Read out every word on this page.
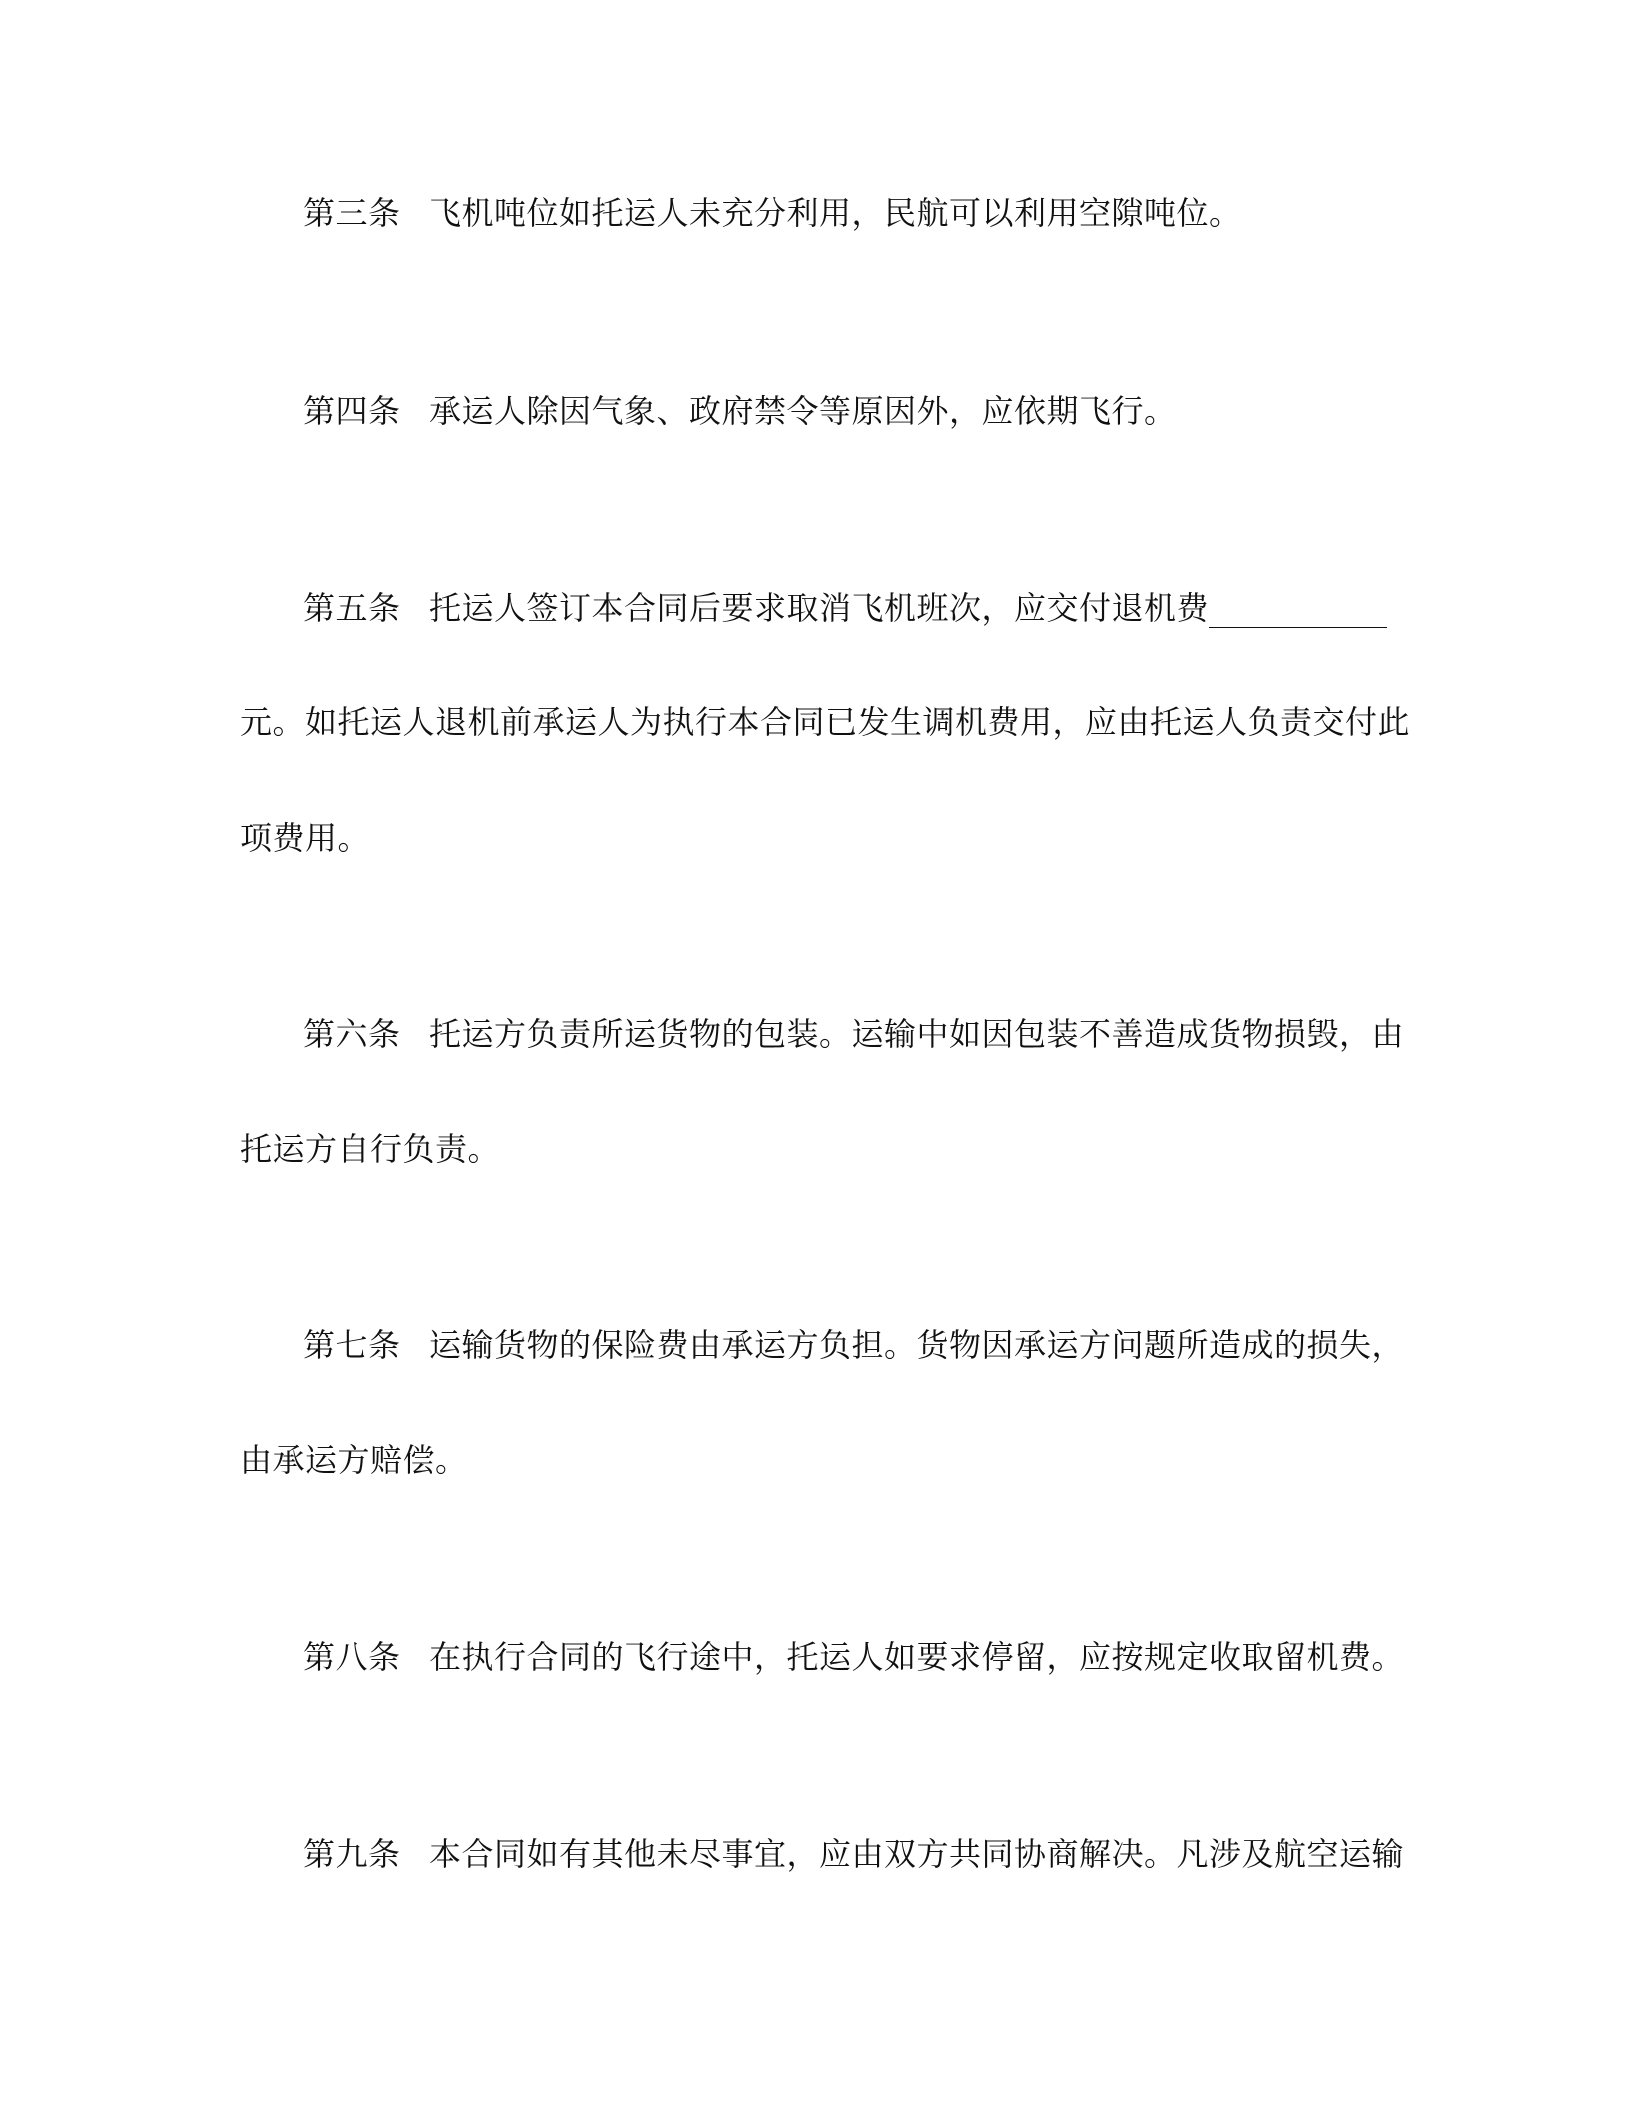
第三条 飞机吨位如托运人未充分利用，民航可以利用空隙吨位。
第四条 承运人除因气象、政府禁令等原因外，应依期飞行。
第五条 托运人签订本合同后要求取消飞机班次，应交付退机费
元。如托运人退机前承运人为执行本合同已发生调机费用，应由托运人负责交付此
项费用。
第六条 托运方负责所运货物的包装。运输中如因包装不善造成货物损毁，由
托运方自行负责。
第七条 运输货物的保险费由承运方负担。货物因承运方问题所造成的损失，
由承运方赔偿。
第八条 在执行合同的飞行途中，托运人如要求停留，应按规定收取留机费。
第九条 本合同如有其他未尽事宜，应由双方共同协商解决。凡涉及航空运输
